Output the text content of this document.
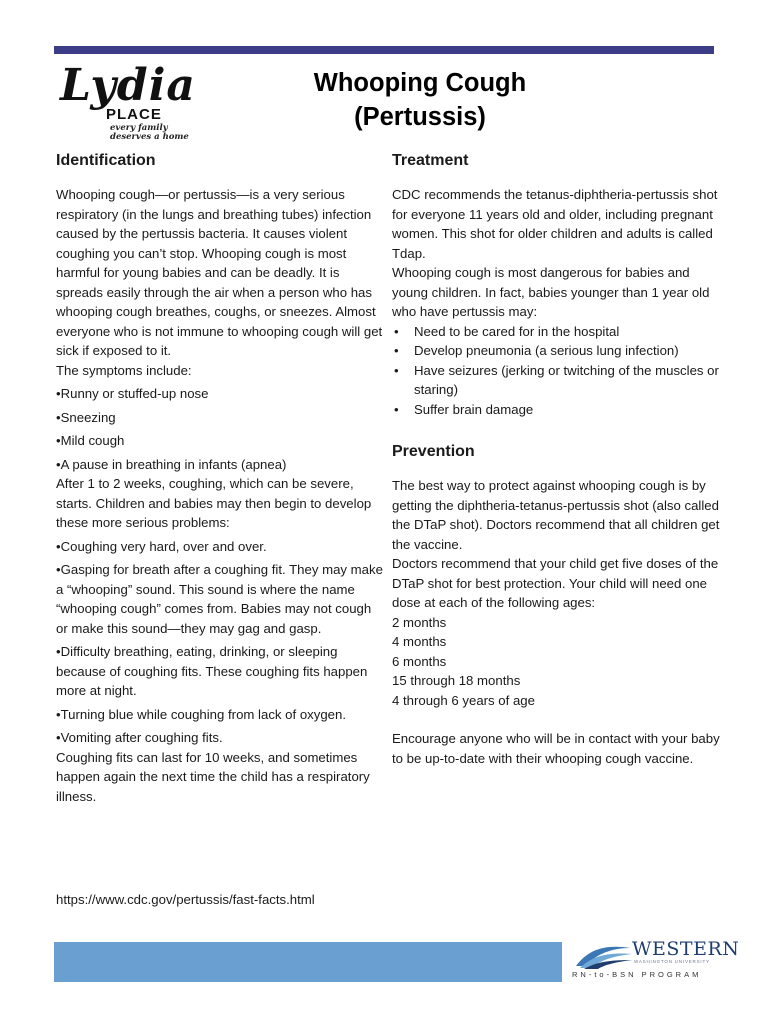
Lydia
PLACE
every family
deserves a home
Whooping Cough
(Pertussis)
Identification

Whooping cough—or pertussis—is a very serious respiratory (in the lungs and breathing tubes) infection caused by the pertussis bacteria. It causes violent coughing you can’t stop. Whooping cough is most harmful for young babies and can be deadly. It is spreads easily through the air when a person who has whooping cough breathes, coughs, or sneezes. Almost everyone who is not immune to whooping cough will get sick if exposed to it.

The symptoms include:

•Runny or stuffed-up nose

•Sneezing

•Mild cough

•A pause in breathing in infants (apnea)

After 1 to 2 weeks, coughing, which can be severe, starts. Children and babies may then begin to develop these more serious problems:

•Coughing very hard, over and over.

•Gasping for breath after a coughing fit. They may make a “whooping” sound. This sound is where the name “whooping cough” comes from. Babies may not cough or make this sound—they may gag and gasp.

•Difficulty breathing, eating, drinking, or sleeping because of coughing fits. These coughing fits happen more at night.

•Turning blue while coughing from lack of oxygen.

•Vomiting after coughing fits.

Coughing fits can last for 10 weeks, and sometimes happen again the next time the child has a respiratory illness.

Treatment

CDC recommends the tetanus-diphtheria-pertussis shot for everyone 11 years old and older, including pregnant women. This shot for older children and adults is called Tdap.

Whooping cough is most dangerous for babies and young children. In fact, babies younger than 1 year old who have pertussis may:

• Need to be cared for in the hospital
• Develop pneumonia (a serious lung infection)
• Have seizures (jerking or twitching of the muscles or staring)
• Suffer brain damage
Prevention

The best way to protect against whooping cough is by getting the diphtheria-tetanus-pertussis shot (also called the DTaP shot). Doctors recommend that all children get the vaccine.

Doctors recommend that your child get five doses of the DTaP shot for best protection. Your child will need one dose at each of the following ages:

2 months

4 months

6 months

15 through 18 months

4 through 6 years of age

Encourage anyone who will be in contact with your baby to be up-to-date with their whooping cough vaccine.

https://www.cdc.gov/pertussis/fast-facts.html
WESTERN
WASHINGTON UNIVERSITY
RN-to-BSN PROGRAM
